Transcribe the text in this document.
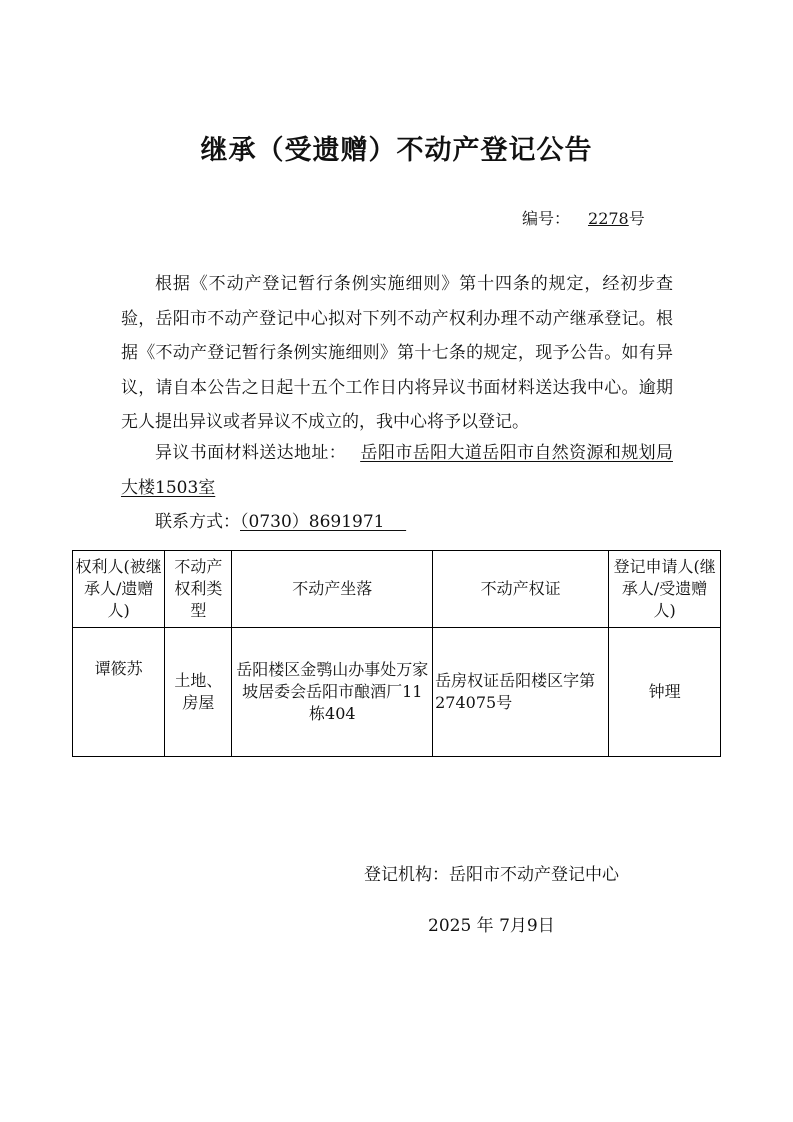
继承（受遗赠）不动产登记公告
编号： 2278号
根据《不动产登记暂行条例实施细则》第十四条的规定，经初步查验，岳阳市不动产登记中心拟对下列不动产权利办理不动产继承登记。根据《不动产登记暂行条例实施细则》第十七条的规定，现予公告。如有异议，请自本公告之日起十五个工作日内将异议书面材料送达我中心。逾期无人提出异议或者异议不成立的，我中心将予以登记。
异议书面材料送达地址： 岳阳市岳阳大道岳阳市自然资源和规划局大楼1503室
联系方式：（0730）8691971
权利人(被继承人/遗赠人)	不动产权利类型	不动产坐落	不动产权证	登记申请人(继承人/受遗赠人)
谭筱苏	土地、房屋	岳阳楼区金鹗山办事处万家坡居委会岳阳市酿酒厂11栋404	岳房权证岳阳楼区字第274075号	钟理
登记机构：岳阳市不动产登记中心
2025 年 7月9日
